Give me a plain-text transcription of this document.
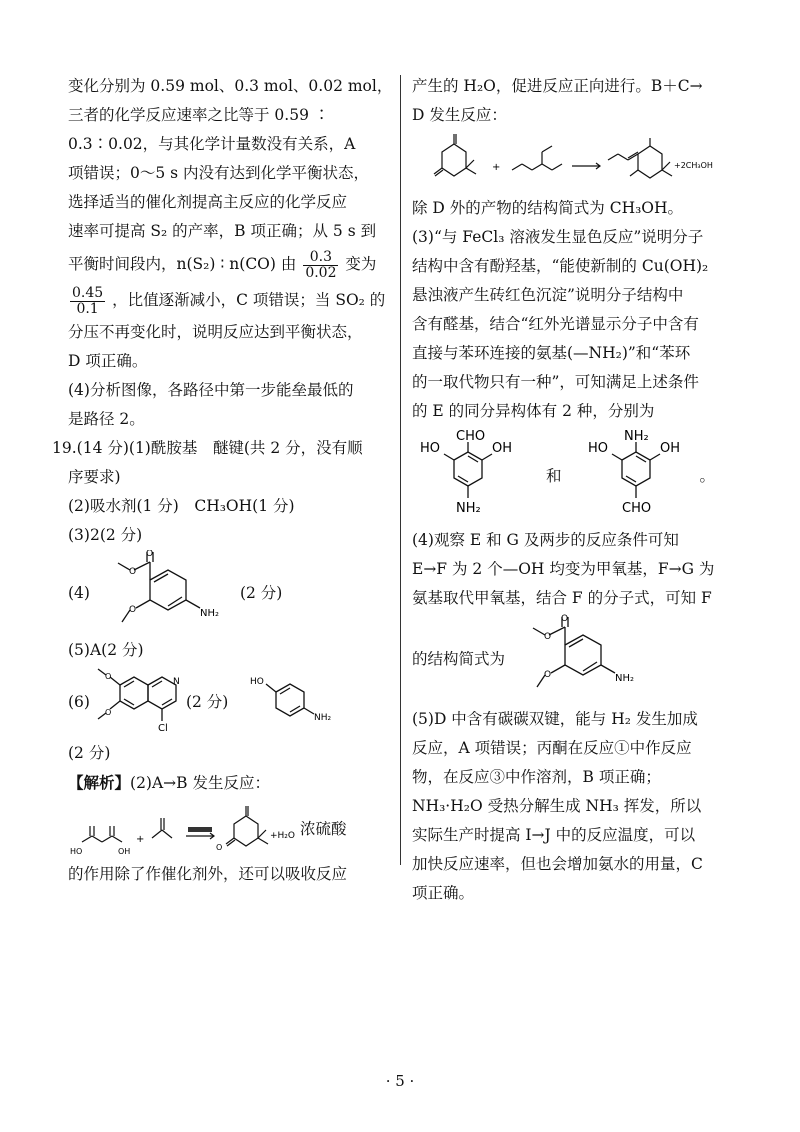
变化分别为 0.59 mol、0.3 mol、0.02 mol，
三者的化学反应速率之比等于 0.59 ∶
0.3∶0.02，与其化学计量数没有关系，A
项错误；0～5 s 内没有达到化学平衡状态，
选择适当的催化剂提高主反应的化学反应
速率可提高 S₂ 的产率，B 项正确；从 5 s 到
平衡时间段内，n(S₂) ∶ n(CO) 由 $\frac{0.3}{0.02}$ 变为
$\frac{0.45}{0.1}$ ，比值逐渐减小，C 项错误；当 SO₂ 的
分压不再变化时，说明反应达到平衡状态，
D 项正确。
(4)分析图像，各路径中第一步能垒最低的
是路径 2。
19.(14 分)(1)酰胺基　醚键(共 2 分，没有顺
序要求)
(2)吸水剂(1 分)　CH₃OH(1 分)
(3)2(2 分)
(4)
O
O
O	NH₂
(2 分)
(5)A(2 分)
(6)
O
O
N
Cl
(2 分)
HO
NH₂
(2 分)
【解析】(2)A→B 发生反应：
HO	OH
+
O
+H₂O 浓硫酸
的作用除了作催化剂外，还可以吸收反应
产生的 H₂O，促进反应正向进行。B＋C→
D 发生反应：
+	+2CH₃OH
除 D 外的产物的结构简式为 CH₃OH。
(3)“与 FeCl₃ 溶液发生显色反应”说明分子
结构中含有酚羟基，“能使新制的 Cu(OH)₂
悬浊液产生砖红色沉淀”说明分子结构中
含有醛基，结合“红外光谱显示分子中含有
直接与苯环连接的氨基(—NH₂)”和“苯环
的一取代物只有一种”，可知满足上述条件
的 E 的同分异构体有 2 种，分别为
HO
CHO
OH
NH₂
和
HO
NH₂
OH
CHO
。
(4)观察 E 和 G 及两步的反应条件可知
E→F 为 2 个—OH 均变为甲氧基，F→G 为
氨基取代甲氧基，结合 F 的分子式，可知 F
的结构简式为
O
O
O	NH₂
(5)D 中含有碳碳双键，能与 H₂ 发生加成
反应，A 项错误；丙酮在反应①中作反应
物，在反应③中作溶剂，B 项正确；
NH₃·H₂O 受热分解生成 NH₃ 挥发，所以
实际生产时提高 I→J 中的反应温度，可以
加快反应速率，但也会增加氨水的用量，C
项正确。
· 5 ·
